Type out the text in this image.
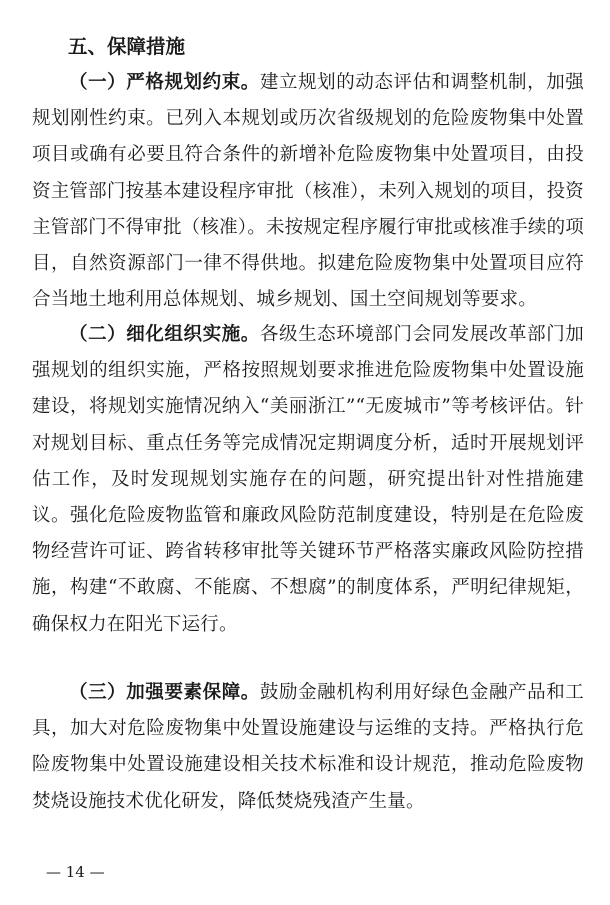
五、保障措施

（一）严格规划约束。建立规划的动态评估和调整机制，加强规划刚性约束。已列入本规划或历次省级规划的危险废物集中处置项目或确有必要且符合条件的新增补危险废物集中处置项目，由投资主管部门按基本建设程序审批（核准），未列入规划的项目，投资主管部门不得审批（核准）。未按规定程序履行审批或核准手续的项目，自然资源部门一律不得供地。拟建危险废物集中处置项目应符合当地土地利用总体规划、城乡规划、国土空间规划等要求。

（二）细化组织实施。各级生态环境部门会同发展改革部门加强规划的组织实施，严格按照规划要求推进危险废物集中处置设施建设，将规划实施情况纳入“美丽浙江”“无废城市”等考核评估。针对规划目标、重点任务等完成情况定期调度分析，适时开展规划评估工作，及时发现规划实施存在的问题，研究提出针对性措施建议。强化危险废物监管和廉政风险防范制度建设，特别是在危险废物经营许可证、跨省转移审批等关键环节严格落实廉政风险防控措施，构建“不敢腐、不能腐、不想腐”的制度体系，严明纪律规矩，确保权力在阳光下运行。

（三）加强要素保障。鼓励金融机构利用好绿色金融产品和工具，加大对危险废物集中处置设施建设与运维的支持。严格执行危险废物集中处置设施建设相关技术标准和设计规范，推动危险废物焚烧设施技术优化研发，降低焚烧残渣产生量。

— 14 —
